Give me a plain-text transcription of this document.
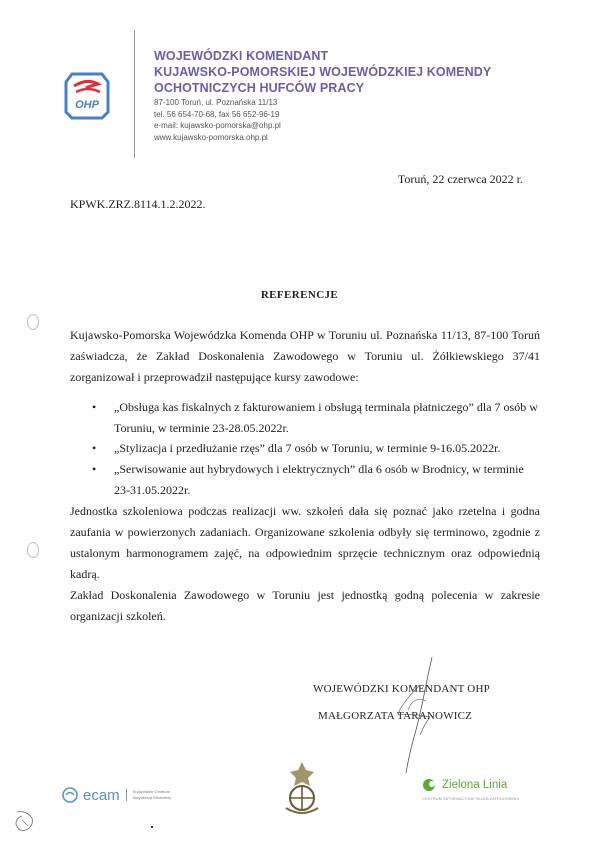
OHP
WOJEWÓDZKI KOMENDANT
KUJAWSKO-POMORSKIEJ WOJEWÓDZKIEJ KOMENDY
OCHOTNICZYCH HUFCÓW PRACY
87-100 Toruń, ul. Poznańska 11/13
tel. 56 654-70-68, fax 56 652-96-19
e-mail: kujawsko-pomorska@ohp.pl
www.kujawsko-pomorska.ohp.pl
Toruń, 22 czerwca 2022 r.
KPWK.ZRZ.8114.1.2.2022.
REFERENCJE
Kujawsko-Pomorska Wojewódzka Komenda OHP w Toruniu ul. Poznańska 11/13, 87-100 Toruń zaświadcza, że Zakład Doskonalenia Zawodowego w Toruniu ul. Żółkiewskiego 37/41 zorganizował i przeprowadził następujące kursy zawodowe:
• „Obsługa kas fiskalnych z fakturowaniem i obsługą terminala płatniczego” dla 7 osób w Toruniu, w terminie 23-28.05.2022r.
• „Stylizacja i przedłużanie rzęs” dla 7 osób w Toruniu, w terminie 9-16.05.2022r.
• „Serwisowanie aut hybrydowych i elektrycznych” dla 6 osób w Brodnicy, w terminie 23-31.05.2022r.
Jednostka szkoleniowa podczas realizacji ww. szkoleń dała się poznać jako rzetelna i godna zaufania w powierzonych zadaniach. Organizowane szkolenia odbyły się terminowo, zgodnie z ustalonym harmonogramem zajęć, na odpowiednim sprzęcie technicznym oraz odpowiednią kadrą.
Zakład Doskonalenia Zawodowego w Toruniu jest jednostką godną polecenia w zakresie organizacji szkoleń.
WOJEWÓDZKI KOMENDANT OHP
MAŁGORZATA TARANOWICZ
ecam	Europejskie Centrum
Aktywizacji Młodzieży
Zielona Linia
CENTRUM INFORMACYJNE SŁUŻB ZATRUDNIENIA
